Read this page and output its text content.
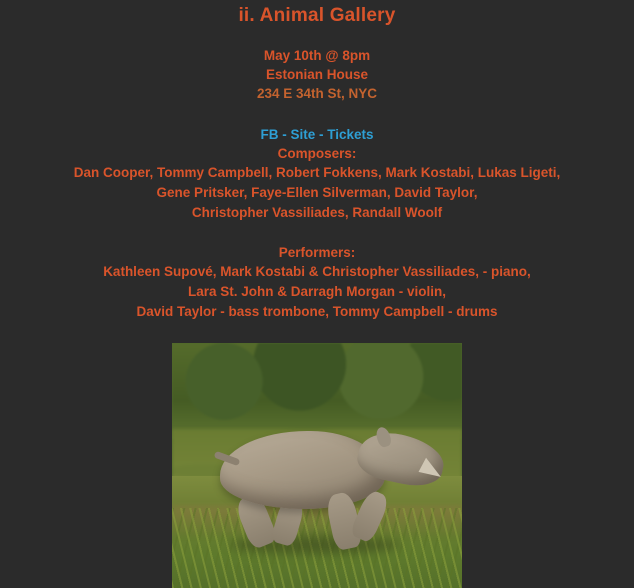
ii. Animal Gallery
May 10th @ 8pm
Estonian House
234 E 34th St, NYC
FB - Site - Tickets
Composers:
Dan Cooper, Tommy Campbell, Robert Fokkens, Mark Kostabi, Lukas Ligeti,
Gene Pritsker, Faye-Ellen Silverman, David Taylor,
Christopher Vassiliades, Randall Woolf
Performers:
Kathleen Supové, Mark Kostabi & Christopher Vassiliades, - piano,
Lara St. John & Darragh Morgan - violin,
David Taylor - bass trombone, Tommy Campbell - drums
